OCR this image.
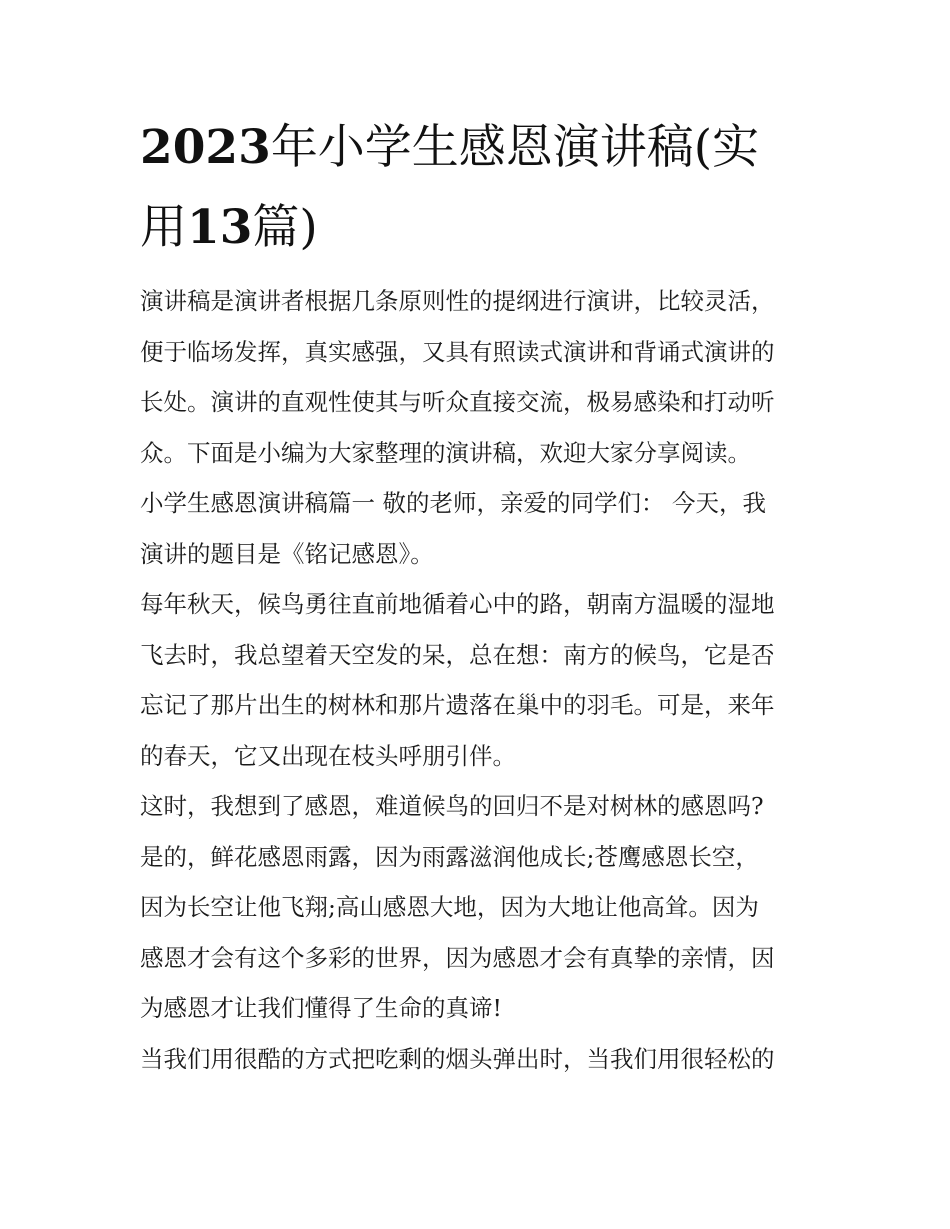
2023年小学生感恩演讲稿(实
用13篇)

演讲稿是演讲者根据几条原则性的提纲进行演讲，比较灵活，
便于临场发挥，真实感强，又具有照读式演讲和背诵式演讲的
长处。演讲的直观性使其与听众直接交流，极易感染和打动听
众。下面是小编为大家整理的演讲稿，欢迎大家分享阅读。

小学生感恩演讲稿篇一 敬的老师，亲爱的同学们： 今天，我
演讲的题目是《铭记感恩》。

每年秋天，候鸟勇往直前地循着心中的路，朝南方温暖的湿地
飞去时，我总望着天空发的呆，总在想：南方的候鸟，它是否
忘记了那片出生的树林和那片遗落在巢中的羽毛。可是，来年
的春天，它又出现在枝头呼朋引伴。

这时，我想到了感恩，难道候鸟的回归不是对树林的感恩吗?
是的，鲜花感恩雨露，因为雨露滋润他成长;苍鹰感恩长空，
因为长空让他飞翔;高山感恩大地，因为大地让他高耸。因为
感恩才会有这个多彩的世界，因为感恩才会有真挚的亲情，因
为感恩才让我们懂得了生命的真谛!

当我们用很酷的方式把吃剩的烟头弹出时，当我们用很轻松的
